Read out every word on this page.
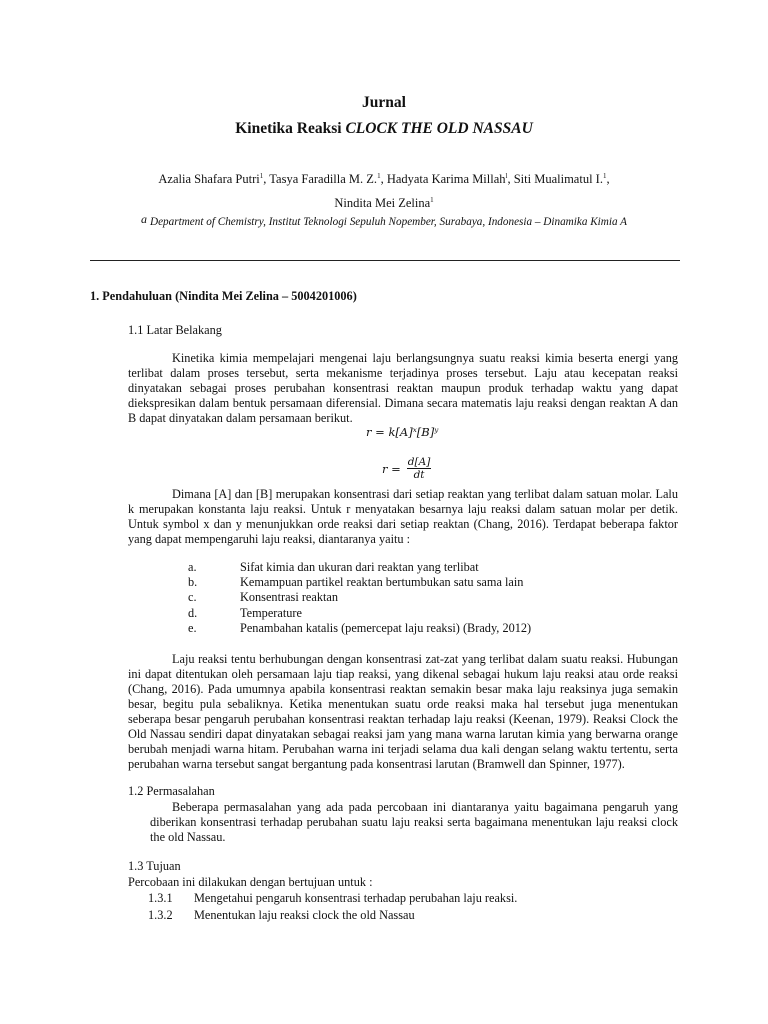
Jurnal
Kinetika Reaksi CLOCK THE OLD NASSAU
Azalia Shafara Putri$^1$, Tasya Faradilla M. Z.$^1$, Hadyata Karima Millah$^l$, Siti Mualimatul I.$^1$,
Nindita Mei Zelina$^1$
a Department of Chemistry, Institut Teknologi Sepuluh Nopember, Surabaya, Indonesia – Dinamika Kimia A
1. Pendahuluan (Nindita Mei Zelina – 5004201006)
1.1 Latar Belakang
Kinetika kimia mempelajari mengenai laju berlangsungnya suatu reaksi kimia beserta energi yang terlibat dalam proses tersebut, serta mekanisme terjadinya proses tersebut. Laju atau kecepatan reaksi dinyatakan sebagai proses perubahan konsentrasi reaktan maupun produk terhadap waktu yang dapat diekspresikan dalam bentuk persamaan diferensial. Dimana secara matematis laju reaksi dengan reaktan A dan B dapat dinyatakan dalam persamaan berikut.
r = k[A]ˣ[B]ʸ
$r = \frac{d[A]}{dt}$
Dimana [A] dan [B] merupakan konsentrasi dari setiap reaktan yang terlibat dalam satuan molar. Lalu k merupakan konstanta laju reaksi. Untuk r menyatakan besarnya laju reaksi dalam satuan molar per detik. Untuk symbol x dan y menunjukkan orde reaksi dari setiap reaktan (Chang, 2016). Terdapat beberapa faktor yang dapat mempengaruhi laju reaksi, diantaranya yaitu :
a.	Sifat kimia dan ukuran dari reaktan yang terlibat
b.	Kemampuan partikel reaktan bertumbukan satu sama lain
c.	Konsentrasi reaktan
d.	Temperature
e.	Penambahan katalis (pemercepat laju reaksi) (Brady, 2012)
Laju reaksi tentu berhubungan dengan konsentrasi zat-zat yang terlibat dalam suatu reaksi. Hubungan ini dapat ditentukan oleh persamaan laju tiap reaksi, yang dikenal sebagai hukum laju reaksi atau orde reaksi (Chang, 2016). Pada umumnya apabila konsentrasi reaktan semakin besar maka laju reaksinya juga semakin besar, begitu pula sebaliknya. Ketika menentukan suatu orde reaksi maka hal tersebut juga menentukan seberapa besar pengaruh perubahan konsentrasi reaktan terhadap laju reaksi (Keenan, 1979). Reaksi Clock the Old Nassau sendiri dapat dinyatakan sebagai reaksi jam yang mana warna larutan kimia yang berwarna orange berubah menjadi warna hitam. Perubahan warna ini terjadi selama dua kali dengan selang waktu tertentu, serta perubahan warna tersebut sangat bergantung pada konsentrasi larutan (Bramwell dan Spinner, 1977).
1.2 Permasalahan
Beberapa permasalahan yang ada pada percobaan ini diantaranya yaitu bagaimana pengaruh yang diberikan konsentrasi terhadap perubahan suatu laju reaksi serta bagaimana menentukan laju reaksi clock the old Nassau.
1.3 Tujuan
Percobaan ini dilakukan dengan bertujuan untuk :
1.3.1	Mengetahui pengaruh konsentrasi terhadap perubahan laju reaksi.
1.3.2	Menentukan laju reaksi clock the old Nassau
